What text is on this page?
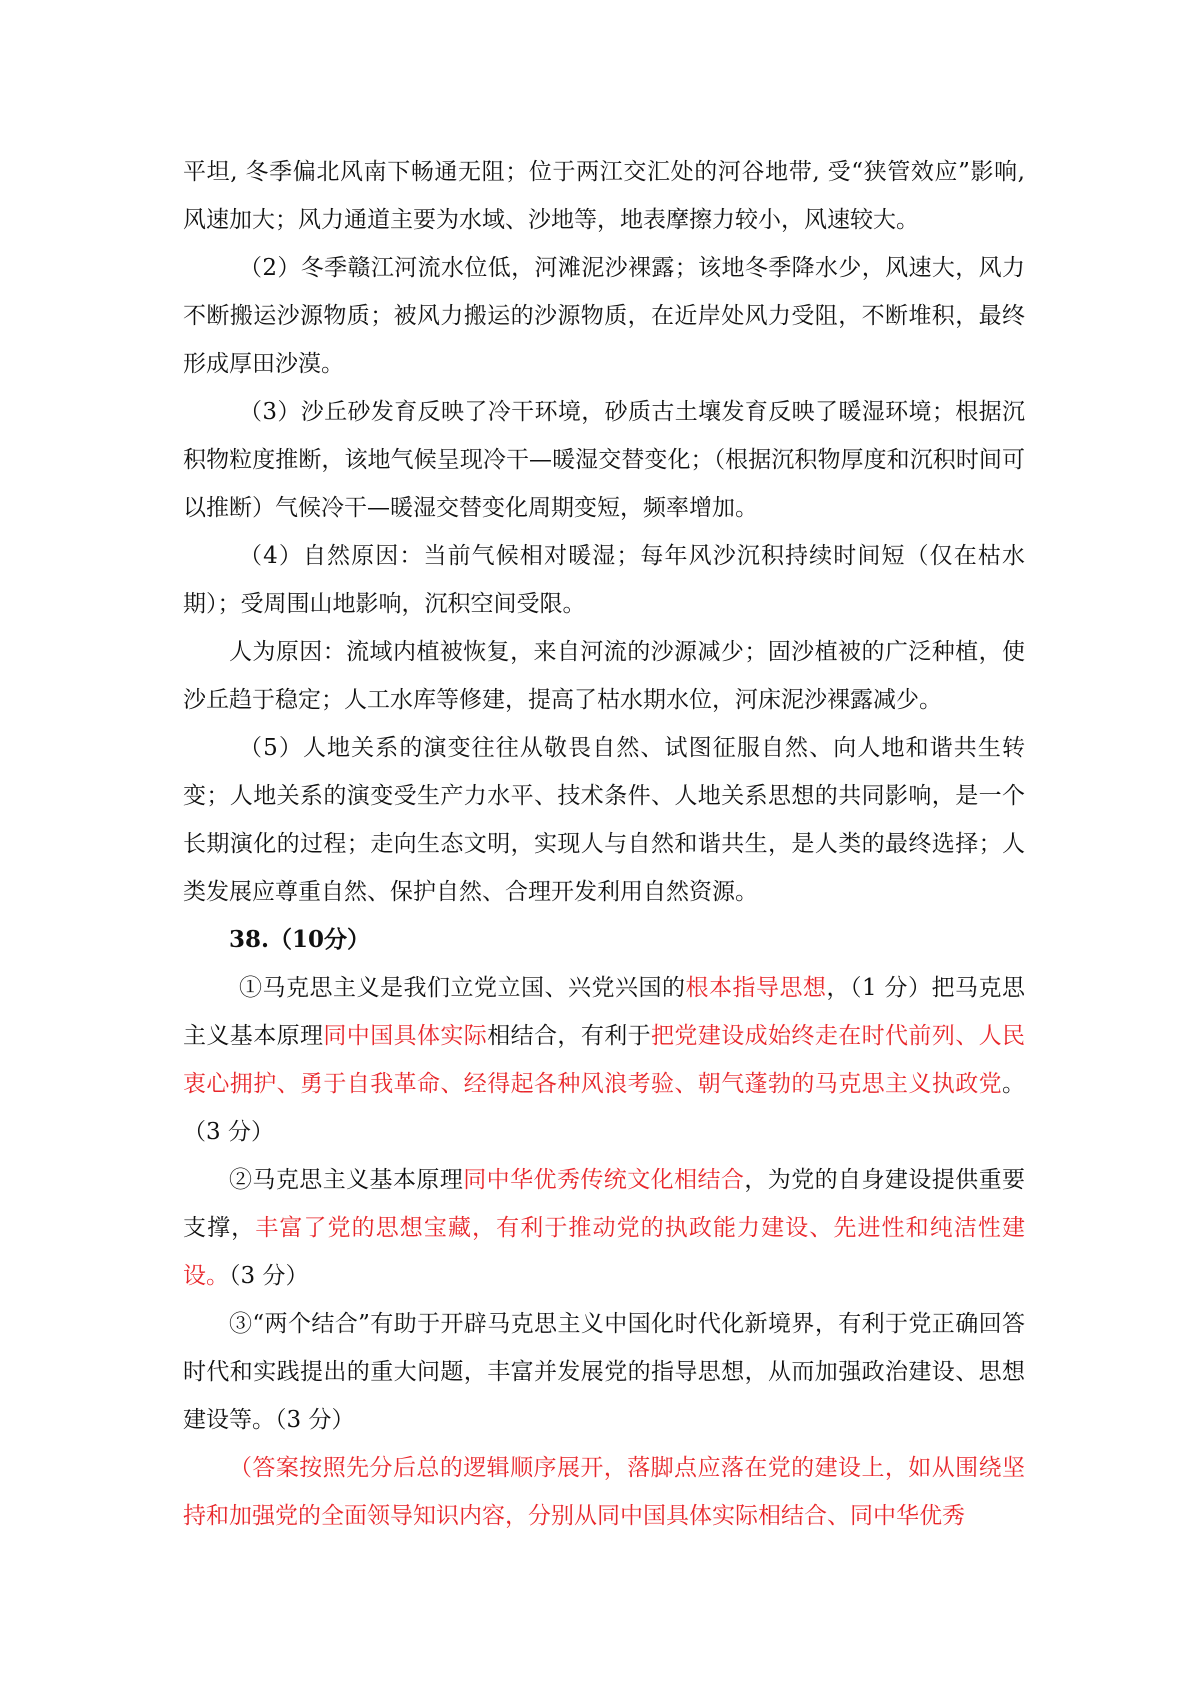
平坦, 冬季偏北风南下畅通无阻；位于两江交汇处的河谷地带, 受“狭管效应”影响, 风速加大；风力通道主要为水域、沙地等，地表摩擦力较小，风速较大。

（2）冬季赣江河流水位低，河滩泥沙裸露；该地冬季降水少，风速大，风力不断搬运沙源物质；被风力搬运的沙源物质，在近岸处风力受阻，不断堆积，最终形成厚田沙漠。

（3）沙丘砂发育反映了冷干环境，砂质古土壤发育反映了暖湿环境；根据沉积物粒度推断，该地气候呈现冷干—暖湿交替变化；（根据沉积物厚度和沉积时间可以推断）气候冷干—暖湿交替变化周期变短，频率增加。

（4）自然原因：当前气候相对暖湿；每年风沙沉积持续时间短（仅在枯水期）；受周围山地影响，沉积空间受限。

人为原因：流域内植被恢复，来自河流的沙源减少；固沙植被的广泛种植，使沙丘趋于稳定；人工水库等修建，提高了枯水期水位，河床泥沙裸露减少。

（5）人地关系的演变往往从敬畏自然、试图征服自然、向人地和谐共生转变；人地关系的演变受生产力水平、技术条件、人地关系思想的共同影响，是一个长期演化的过程；走向生态文明，实现人与自然和谐共生，是人类的最终选择；人类发展应尊重自然、保护自然、合理开发利用自然资源。

38.（10分）

①马克思主义是我们立党立国、兴党兴国的根本指导思想，（1 分）把马克思主义基本原理同中国具体实际相结合，有利于把党建设成始终走在时代前列、人民衷心拥护、勇于自我革命、经得起各种风浪考验、朝气蓬勃的马克思主义执政党。（3 分）

②马克思主义基本原理同中华优秀传统文化相结合，为党的自身建设提供重要支撑，丰富了党的思想宝藏，有利于推动党的执政能力建设、先进性和纯洁性建设。（3 分）

③“两个结合”有助于开辟马克思主义中国化时代化新境界，有利于党正确回答时代和实践提出的重大问题，丰富并发展党的指导思想，从而加强政治建设、思想建设等。（3 分）

（答案按照先分后总的逻辑顺序展开，落脚点应落在党的建设上，如从围绕坚持和加强党的全面领导知识内容，分别从同中国具体实际相结合、同中华优秀
